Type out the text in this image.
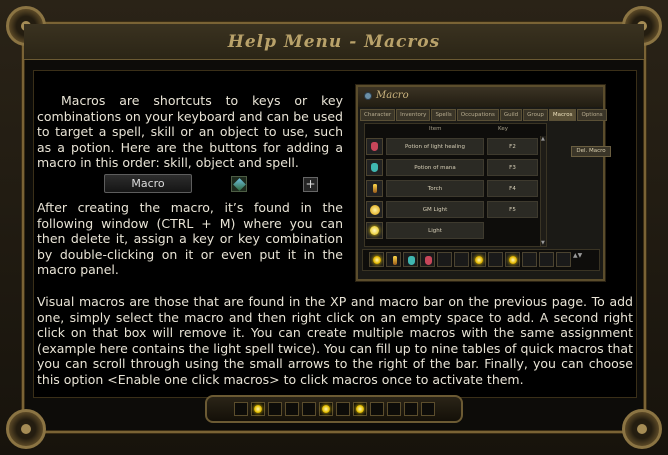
Help Menu - Macros
Macros are shortcuts to keys or key combinations on your keyboard and can be used to target a spell, skill or an object to use, such as a potion. Here are the buttons for adding a macro in this order: skill, object and spell.
Macro	+
After creating the macro, it’s found in the following window (CTRL + M) where you can then delete it, assign a key or key combination by double-clicking on it or even put it in the macro panel.
Visual macros are those that are found in the XP and macro bar on the previous page. To add one, simply select the macro and then right click on an empty space to add. A second right click on that box will remove it. You can create multiple macros with the same assignment (example here contains the light spell twice). You can fill up to nine tables of quick macros that you can scroll through using the small arrows to the right of the bar. Finally, you can choose this option <Enable one click macros> to click macros once to activate them.
Macro
Character	Inventory	Spells	Occupations	Guild	Group	Macros	Options
Item	Key
Potion of light healing	F2
Potion of mana	F3
Torch	F4
GM Light	F5
Light
▲ ▼
Del. Macro
▲▼
